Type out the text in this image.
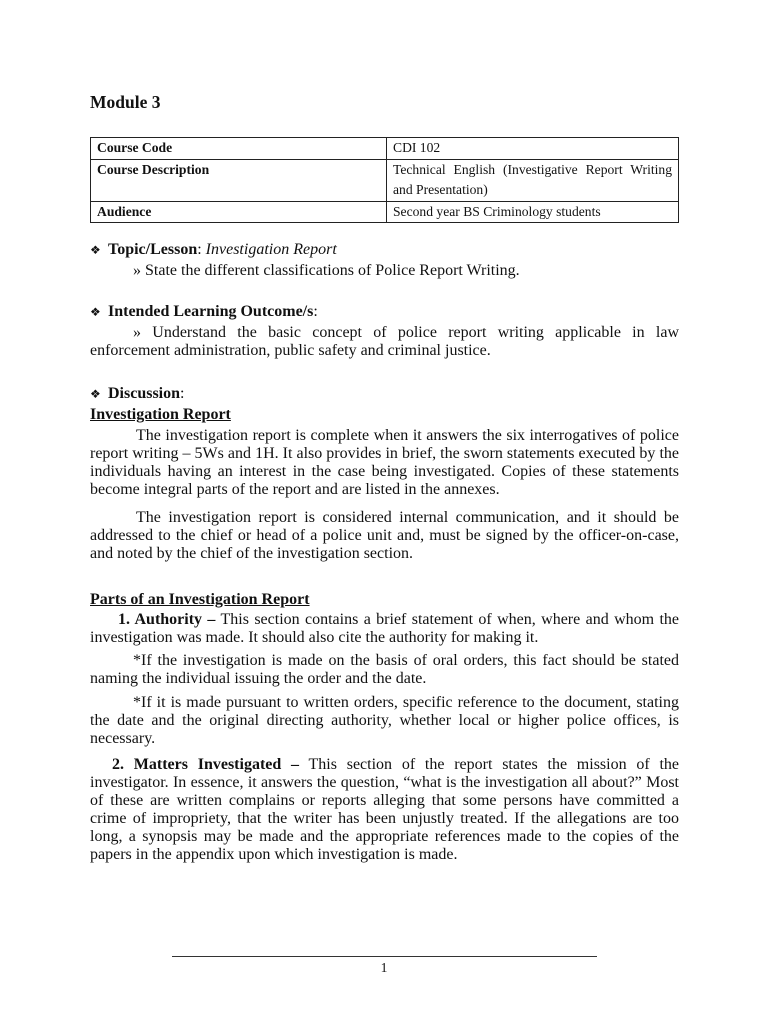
Module 3
Course Code	CDI 102
Course Description	Technical English (Investigative Report Writing and Presentation)
Audience	Second year BS Criminology students
❖ Topic/Lesson: Investigation Report
» State the different classifications of Police Report Writing.
❖ Intended Learning Outcome/s:
» Understand the basic concept of police report writing applicable in law enforcement administration, public safety and criminal justice.
❖ Discussion:
Investigation Report
The investigation report is complete when it answers the six interrogatives of police report writing – 5Ws and 1H. It also provides in brief, the sworn statements executed by the individuals having an interest in the case being investigated. Copies of these statements become integral parts of the report and are listed in the annexes.
The investigation report is considered internal communication, and it should be addressed to the chief or head of a police unit and, must be signed by the officer-on-case, and noted by the chief of the investigation section.
Parts of an Investigation Report
1. Authority – This section contains a brief statement of when, where and whom the investigation was made. It should also cite the authority for making it.
*If the investigation is made on the basis of oral orders, this fact should be stated naming the individual issuing the order and the date.
*If it is made pursuant to written orders, specific reference to the document, stating the date and the original directing authority, whether local or higher police offices, is necessary.
2. Matters Investigated – This section of the report states the mission of the investigator. In essence, it answers the question, “what is the investigation all about?” Most of these are written complains or reports alleging that some persons have committed a crime of impropriety, that the writer has been unjustly treated. If the allegations are too long, a synopsis may be made and the appropriate references made to the copies of the papers in the appendix upon which investigation is made.
1
